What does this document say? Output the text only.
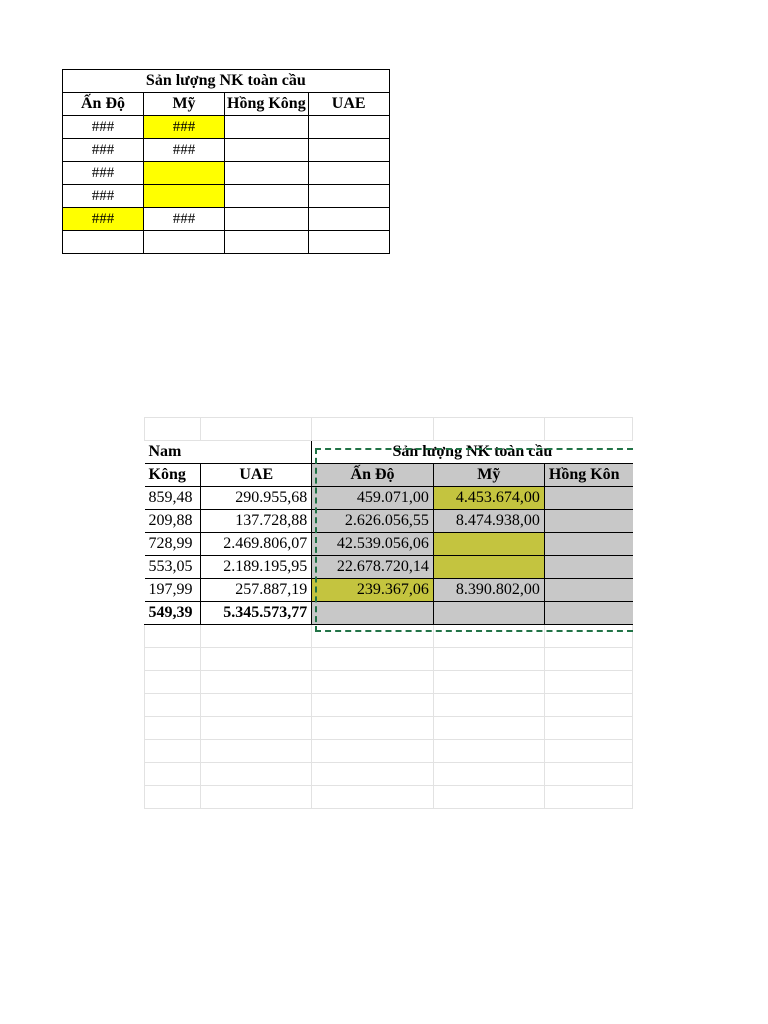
Sản lượng NK toàn cầu			
Ấn Độ	Mỹ	Hồng Kông	UAE
###	###		
###	###		
###			
###			
###	###		

Nam		Sản lượng NK toàn cầu		
Kông	UAE	Ấn Độ	Mỹ	Hồng Kôn
859,48	290.955,68	459.071,00	4.453.674,00	
209,88	137.728,88	2.626.056,55	8.474.938,00	
728,99	2.469.806,07	42.539.056,06		
553,05	2.189.195,95	22.678.720,14		
197,99	257.887,19	239.367,06	8.390.802,00	
549,39	5.345.573,77			
